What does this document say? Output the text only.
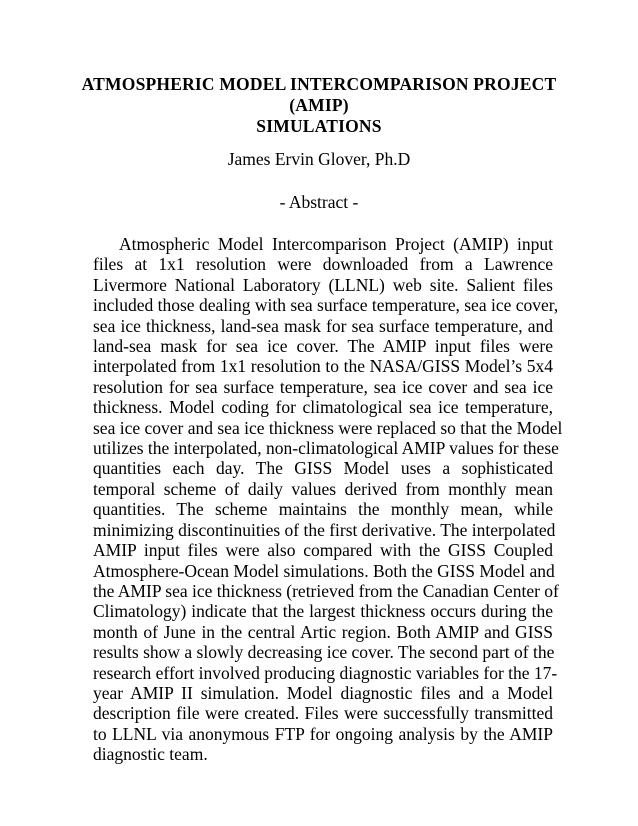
ATMOSPHERIC MODEL INTERCOMPARISON PROJECT
(AMIP)
SIMULATIONS
James Ervin Glover, Ph.D
- Abstract -
Atmospheric Model Intercomparison Project (AMIP) input
files at 1x1 resolution were downloaded from a Lawrence
Livermore National Laboratory (LLNL) web site. Salient files
included those dealing with sea surface temperature, sea ice cover,
sea ice thickness, land-sea mask for sea surface temperature, and
land-sea mask for sea ice cover. The AMIP input files were
interpolated from 1x1 resolution to the NASA/GISS Model’s 5x4
resolution for sea surface temperature, sea ice cover and sea ice
thickness. Model coding for climatological sea ice temperature,
sea ice cover and sea ice thickness were replaced so that the Model
utilizes the interpolated, non-climatological AMIP values for these
quantities each day. The GISS Model uses a sophisticated
temporal scheme of daily values derived from monthly mean
quantities. The scheme maintains the monthly mean, while
minimizing discontinuities of the first derivative. The interpolated
AMIP input files were also compared with the GISS Coupled
Atmosphere-Ocean Model simulations. Both the GISS Model and
the AMIP sea ice thickness (retrieved from the Canadian Center of
Climatology) indicate that the largest thickness occurs during the
month of June in the central Artic region. Both AMIP and GISS
results show a slowly decreasing ice cover. The second part of the
research effort involved producing diagnostic variables for the 17-
year AMIP II simulation. Model diagnostic files and a Model
description file were created. Files were successfully transmitted
to LLNL via anonymous FTP for ongoing analysis by the AMIP
diagnostic team.
